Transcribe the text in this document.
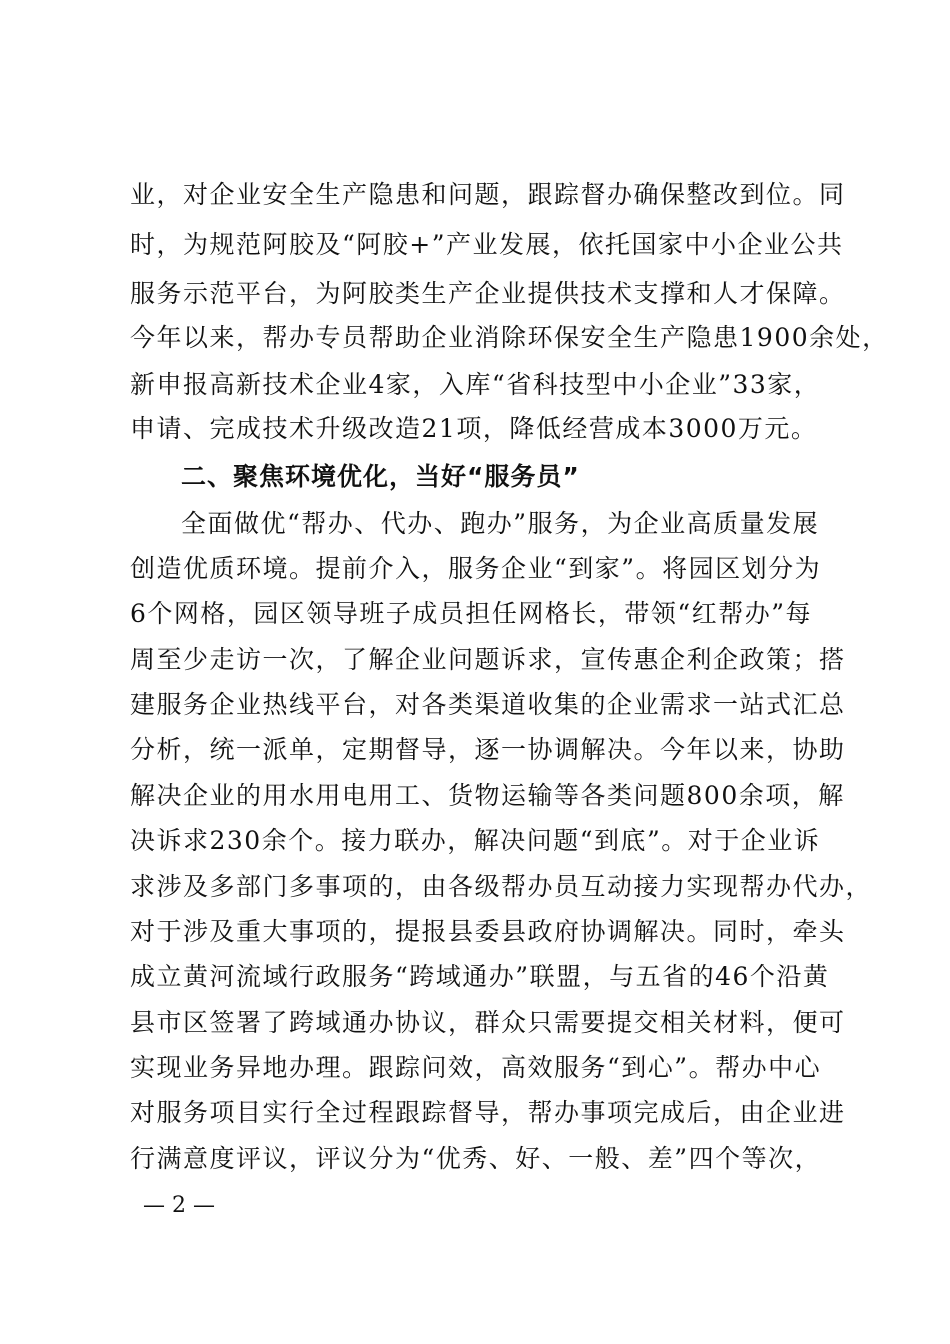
业，对企业安全生产隐患和问题，跟踪督办确保整改到位。同
时，为规范阿胶及“阿胶+”产业发展，依托国家中小企业公共
服务示范平台，为阿胶类生产企业提供技术支撑和人才保障。
今年以来，帮办专员帮助企业消除环保安全生产隐患1900余处，
新申报高新技术企业4家，入库“省科技型中小企业”33家，
申请、完成技术升级改造21项，降低经营成本3000万元。
二、聚焦环境优化，当好“服务员”
全面做优“帮办、代办、跑办”服务，为企业高质量发展
创造优质环境。提前介入，服务企业“到家”。将园区划分为
6个网格，园区领导班子成员担任网格长，带领“红帮办”每
周至少走访一次，了解企业问题诉求，宣传惠企利企政策；搭
建服务企业热线平台，对各类渠道收集的企业需求一站式汇总
分析，统一派单，定期督导，逐一协调解决。今年以来，协助
解决企业的用水用电用工、货物运输等各类问题800余项，解
决诉求230余个。接力联办，解决问题“到底”。对于企业诉
求涉及多部门多事项的，由各级帮办员互动接力实现帮办代办，
对于涉及重大事项的，提报县委县政府协调解决。同时，牵头
成立黄河流域行政服务“跨域通办”联盟，与五省的46个沿黄
县市区签署了跨域通办协议，群众只需要提交相关材料，便可
实现业务异地办理。跟踪问效，高效服务“到心”。帮办中心
对服务项目实行全过程跟踪督导，帮办事项完成后，由企业进
行满意度评议，评议分为“优秀、好、一般、差”四个等次，
— 2 —
